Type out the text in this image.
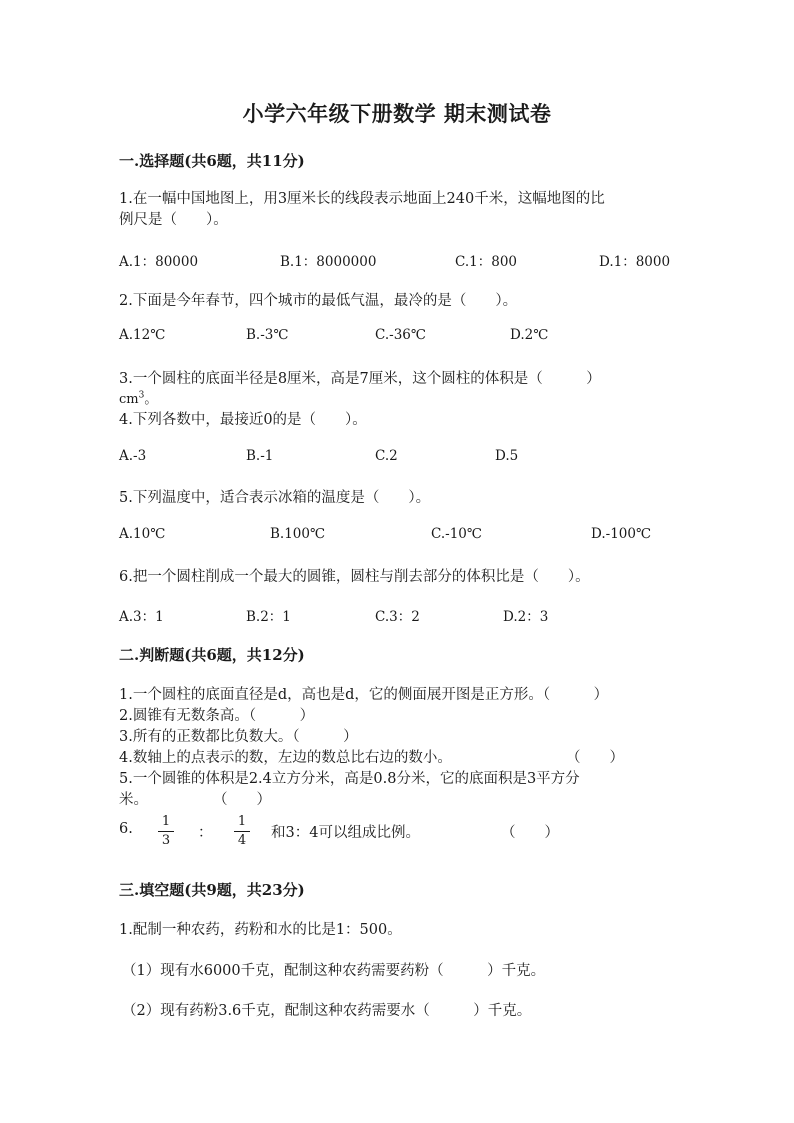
小学六年级下册数学 期末测试卷
一.选择题(共6题，共11分)
1.在一幅中国地图上，用3厘米长的线段表示地面上240千米，这幅地图的比
例尺是（　　）。
A.1：80000	B.1：8000000	C.1：800	D.1：8000
2.下面是今年春节，四个城市的最低气温，最冷的是（　　）。
A.12℃	B.-3℃	C.-36℃	D.2℃
3.一个圆柱的底面半径是8厘米，高是7厘米，这个圆柱的体积是（　　　）
$cm^3$。
4.下列各数中，最接近0的是（　　）。
A.-3	B.-1	C.2	D.5
5.下列温度中，适合表示冰箱的温度是（　　）。
A.10℃	B.100℃	C.-10℃	D.-100℃
6.把一个圆柱削成一个最大的圆锥，圆柱与削去部分的体积比是（　　）。
A.3：1	B.2：1	C.3：2	D.2：3
二.判断题(共6题，共12分)
1.一个圆柱的底面直径是d，高也是d，它的侧面展开图是正方形。（　　　）
2.圆锥有无数条高。（　　　）
3.所有的正数都比负数大。（　　　）
4.数轴上的点表示的数，左边的数总比右边的数小。	（　　）
5.一个圆锥的体积是2.4立方分米，高是0.8分米，它的底面积是3平方分
米。	（　　）
6. 1
3 ：
1
4 和3：4可以组成比例。	（　　）
三.填空题(共9题，共23分)
1.配制一种农药，药粉和水的比是1：500。
（1）现有水6000千克，配制这种农药需要药粉（　　　）千克。
（2）现有药粉3.6千克，配制这种农药需要水（　　　）千克。
